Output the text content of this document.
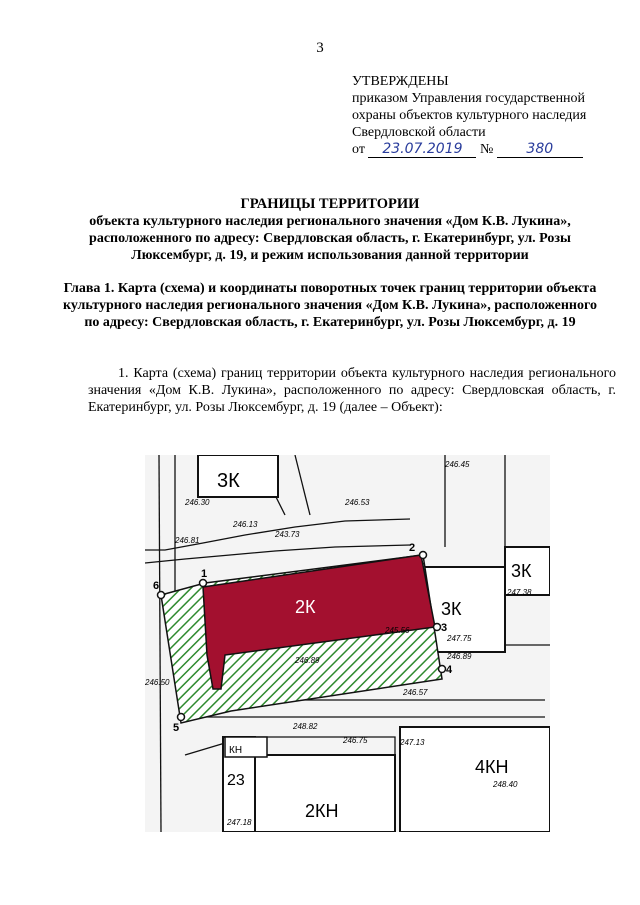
3
УТВЕРЖДЕНЫ
приказом Управления государственной
охраны объектов культурного наследия
Свердловской области
от 23.07.2019 № 380
ГРАНИЦЫ ТЕРРИТОРИИ
объекта культурного наследия регионального значения «Дом К.В. Лукина», расположенного по адресу: Свердловская область, г. Екатеринбург, ул. Розы Люксембург, д. 19, и режим использования данной территории
Глава 1. Карта (схема) и координаты поворотных точек границ территории объекта культурного наследия регионального значения «Дом К.В. Лукина», расположенного по адресу: Свердловская область, г. Екатеринбург, ул. Розы Люксембург, д. 19
1. Карта (схема) границ территории объекта культурного наследия регионального значения «Дом К.В. Лукина», расположенного по адресу: Свердловская область, г. Екатеринбург, ул. Розы Люксембург, д. 19 (далее – Объект):
1
2
3
4
5
6
3К
2К	3К
3К
4КН
2КН
КН
23
246.45
246.30	246.53
246.81
243.73
245.56
246.89
247.75
246.89
246.50
248.82
246.75	247.13
248.40
247.18
246.57
247.38
246.13
